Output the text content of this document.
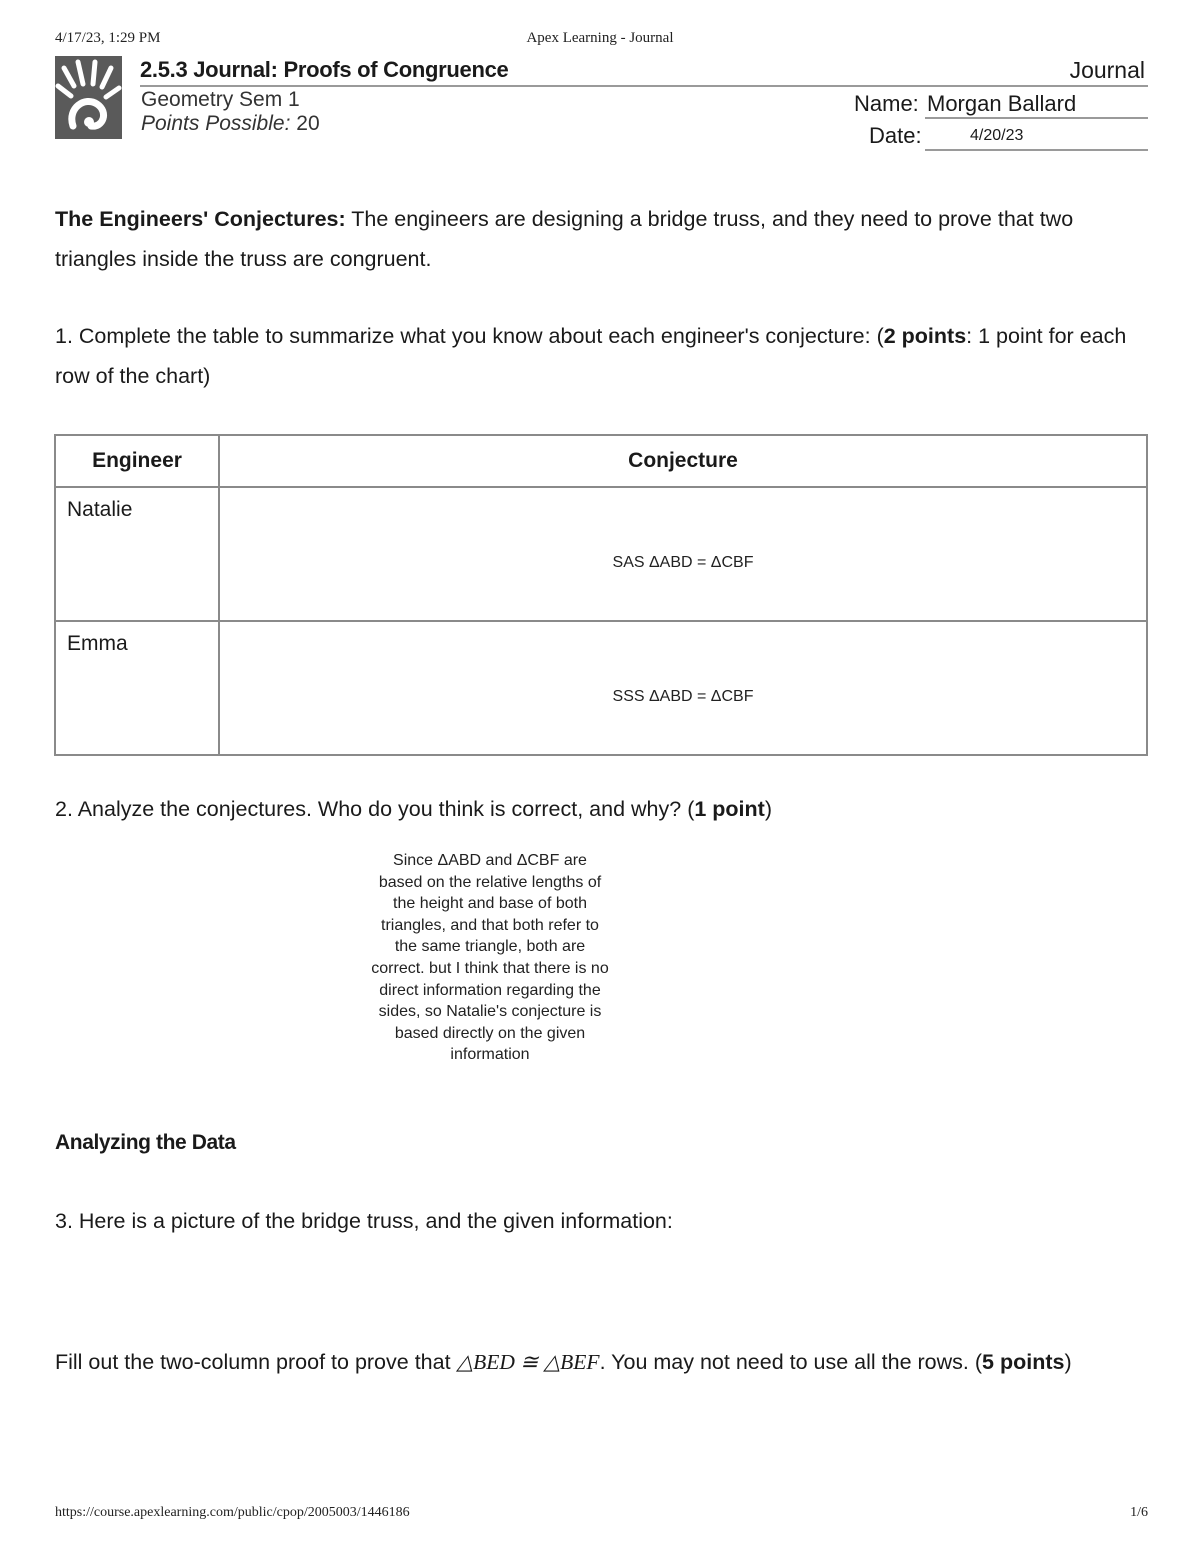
4/17/23, 1:29 PM	Apex Learning - Journal
2.5.3 Journal: Proofs of Congruence	Journal
Geometry Sem 1
Points Possible: 20
Name: Morgan Ballard
Date:	4/20/23
The Engineers' Conjectures: The engineers are designing a bridge truss, and they need to prove that two triangles inside the truss are congruent.
1. Complete the table to summarize what you know about each engineer's conjecture: (2 points: 1 point for each row of the chart)
Engineer	Conjecture

Natalie	SAS ΔABD = ΔCBF

Emma	SSS ΔABD = ΔCBF
2. Analyze the conjectures. Who do you think is correct, and why? (1 point)
Since ΔABD and ΔCBF are based on the relative lengths of the height and base of both triangles, and that both refer to the same triangle, both are correct. but I think that there is no direct information regarding the sides, so Natalie's conjecture is based directly on the given information
Analyzing the Data
3. Here is a picture of the bridge truss, and the given information:
Fill out the two-column proof to prove that △BED ≅ △BEF. You may not need to use all the rows. (5 points)
https://course.apexlearning.com/public/cpop/2005003/1446186	1/6
